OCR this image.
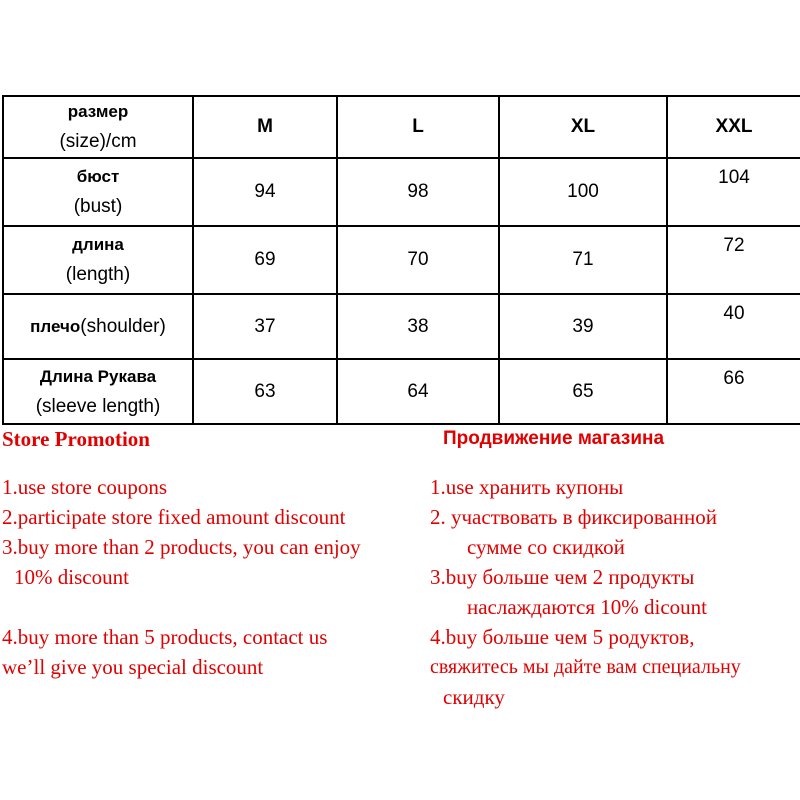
размер
(size)/cm	M	L	XL	XXL

бюст
(bust)	94	98	100	104

длина
(length)	69	70	71	72
плечо(shoulder)	37	38	39	40

Длина Рукава
(sleeve length)	63	64	65	66
Store Promotion
1.use store coupons
2.participate store fixed amount discount
3.buy more than 2 products, you can enjoy
10% discount
4.buy more than 5 products, contact us
we’ll give you special discount
Продвижение магазина
1.use хранить купоны
2. участвовать в фиксированной
сумме со скидкой
3.buy больше чем 2 продукты
наслаждаются 10% dicount
4.buy больше чем 5 родуктов,
свяжитесь мы дайте вам специальну
скидку
